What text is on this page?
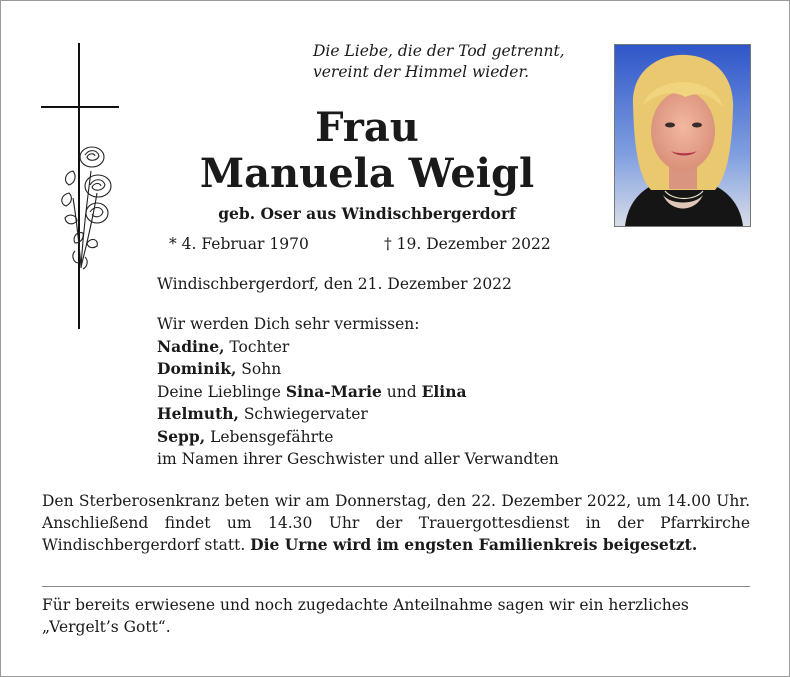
Die Liebe, die der Tod getrennt,
vereint der Himmel wieder.
Frau
Manuela Weigl
geb. Oser aus Windischbergerdorf
* 4. Februar 1970	† 19. Dezember 2022
Windischbergerdorf, den 21. Dezember 2022
Wir werden Dich sehr vermissen:
Nadine, Tochter
Dominik, Sohn
Deine Lieblinge Sina-Marie und Elina
Helmuth, Schwiegervater
Sepp, Lebensgefährte
im Namen ihrer Geschwister und aller Verwandten
Den Sterberosenkranz beten wir am Donnerstag, den 22. Dezember 2022, um 14.00 Uhr. Anschließend findet um 14.30 Uhr der Trauergottesdienst in der Pfarrkirche Windischbergerdorf statt. Die Urne wird im engsten Familienkreis beigesetzt.
Für bereits erwiesene und noch zugedachte Anteilnahme sagen wir ein herzliches
„Vergelt’s Gott“.
